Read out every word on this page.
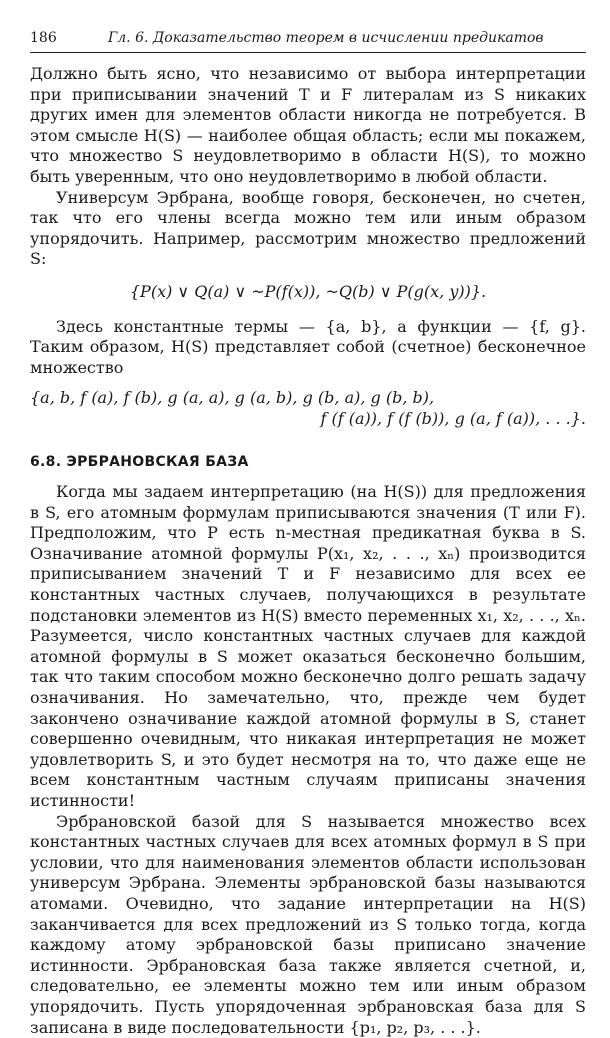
186	Гл. 6. Доказательство теорем в исчислении предикатов

Должно быть ясно, что независимо от выбора интерпретации при приписывании значений T и F литералам из S никаких других имен для элементов области никогда не потребуется. В этом смысле H(S) — наиболее общая область; если мы покажем, что множество S неудовлетворимо в области H(S), то можно быть уверенным, что оно неудовлетворимо в любой области.

Универсум Эрбрана, вообще говоря, бесконечен, но счетен, так что его члены всегда можно тем или иным образом упорядочить. Например, рассмотрим множество предложений S:

{P(x) ∨ Q(a) ∨ ~P(f(x)), ~Q(b) ∨ P(g(x, y))}.

Здесь константные термы — {a, b}, а функции — {f, g}. Таким образом, H(S) представляет собой (счетное) бесконечное множество

{a, b, f (a), f (b), g (a, a), g (a, b), g (b, a), g (b, b),

f (f (a)), f (f (b)), g (a, f (a)), . . .}.

6.8. ЭРБРАНОВСКАЯ БАЗА

Когда мы задаем интерпретацию (на H(S)) для предложения в S, его атомным формулам приписываются значения (T или F). Предположим, что P есть n-местная предикатная буква в S. Означивание атомной формулы P(x₁, x₂, . . ., xₙ) производится приписыванием значений T и F независимо для всех ее константных частных случаев, получающихся в результате подстановки элементов из H(S) вместо переменных x₁, x₂, . . ., xₙ. Разумеется, число константных частных случаев для каждой атомной формулы в S может оказаться бесконечно большим, так что таким способом можно бесконечно долго решать задачу означивания. Но замечательно, что, прежде чем будет закончено означивание каждой атомной формулы в S, станет совершенно очевидным, что никакая интерпретация не может удовлетворить S, и это будет несмотря на то, что даже еще не всем константным частным случаям приписаны значения истинности!

Эрбрановской базой для S называется множество всех константных частных случаев для всех атомных формул в S при условии, что для наименования элементов области использован универсум Эрбрана. Элементы эрбрановской базы называются атомами. Очевидно, что задание интерпретации на H(S) заканчивается для всех предложений из S только тогда, когда каждому атому эрбрановской базы приписано значение истинности. Эрбрановская база также является счетной, и, следовательно, ее элементы можно тем или иным образом упорядочить. Пусть упорядоченная эрбрановская база для S записана в виде последовательности {p₁, p₂, p₃, . . .}.
